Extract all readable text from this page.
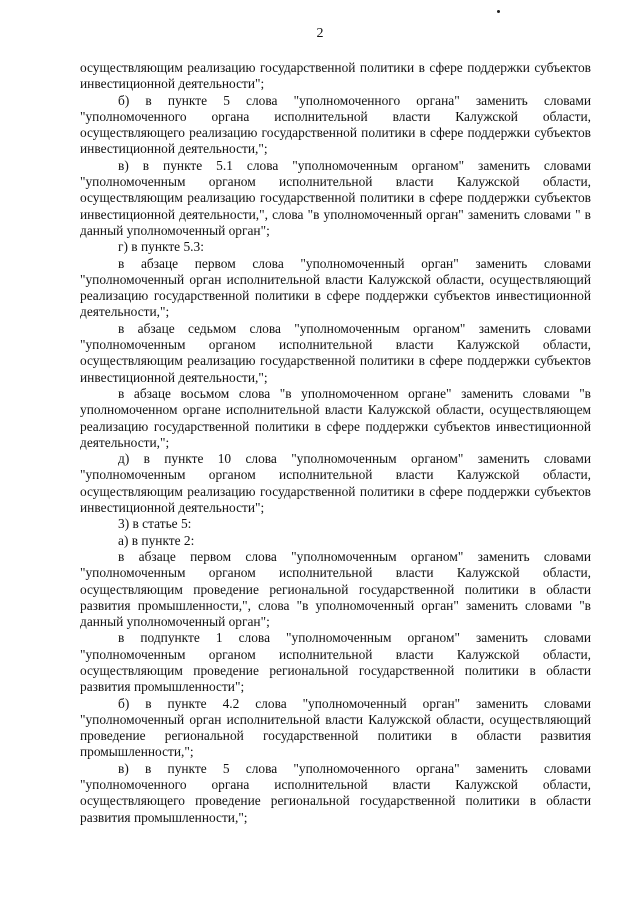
2

осуществляющим реализацию государственной политики в сфере поддержки субъектов инвестиционной деятельности";

б) в пункте 5 слова "уполномоченного органа" заменить словами "уполномоченного органа исполнительной власти Калужской области, осуществляющего реализацию государственной политики в сфере поддержки субъектов инвестиционной деятельности,";

в) в пункте 5.1 слова "уполномоченным органом" заменить словами "уполномоченным органом исполнительной власти Калужской области, осуществляющим реализацию государственной политики в сфере поддержки субъектов инвестиционной деятельности,", слова "в уполномоченный орган" заменить словами " в данный уполномоченный орган";

г) в пункте 5.3:

в абзаце первом слова "уполномоченный орган" заменить словами "уполномоченный орган исполнительной власти Калужской области, осуществляющий реализацию государственной политики в сфере поддержки субъектов инвестиционной деятельности,";

в абзаце седьмом слова "уполномоченным органом" заменить словами "уполномоченным органом исполнительной власти Калужской области, осуществляющим реализацию государственной политики в сфере поддержки субъектов инвестиционной деятельности,";

в абзаце восьмом слова "в уполномоченном органе" заменить словами "в уполномоченном органе исполнительной власти Калужской области, осуществляющем реализацию государственной политики в сфере поддержки субъектов инвестиционной деятельности,";

д) в пункте 10 слова "уполномоченным органом" заменить словами "уполномоченным органом исполнительной власти Калужской области, осуществляющим реализацию государственной политики в сфере поддержки субъектов инвестиционной деятельности";

3) в статье 5:

а) в пункте 2:

в абзаце первом слова "уполномоченным органом" заменить словами "уполномоченным органом исполнительной власти Калужской области, осуществляющим проведение региональной государственной политики в области развития промышленности,", слова "в уполномоченный орган" заменить словами "в данный уполномоченный орган";

в подпункте 1 слова "уполномоченным органом" заменить словами "уполномоченным органом исполнительной власти Калужской области, осуществляющим проведение региональной государственной политики в области развития промышленности";

б) в пункте 4.2 слова "уполномоченный орган" заменить словами "уполномоченный орган исполнительной власти Калужской области, осуществляющий проведение региональной государственной политики в области развития промышленности,";

в) в пункте 5 слова "уполномоченного органа" заменить словами "уполномоченного органа исполнительной власти Калужской области, осуществляющего проведение региональной государственной политики в области развития промышленности,";
